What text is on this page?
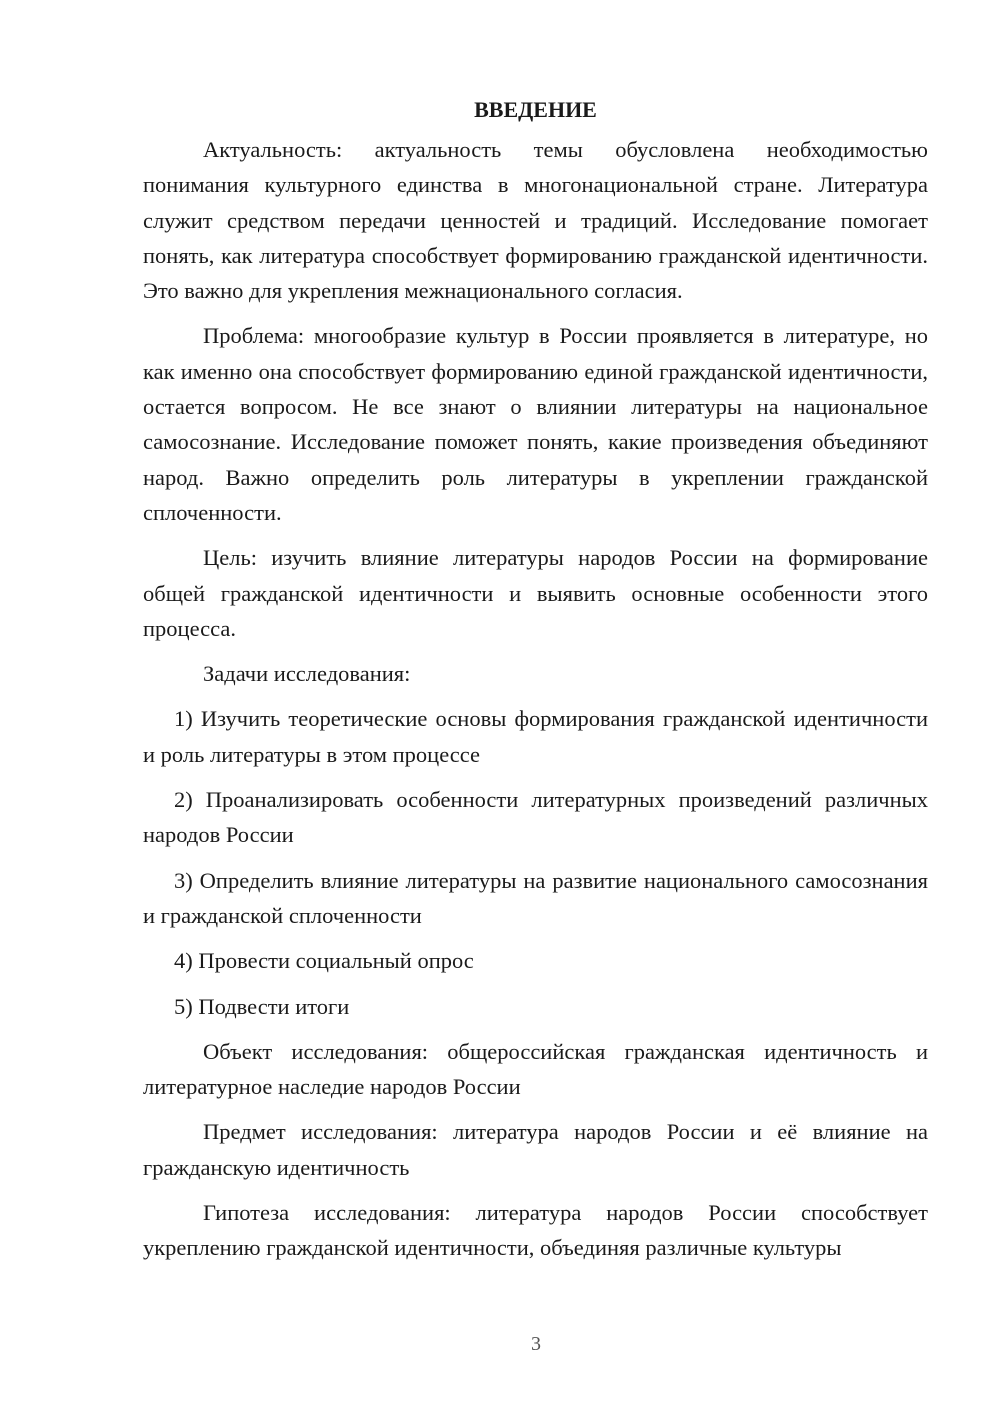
ВВЕДЕНИЕ

Актуальность: актуальность темы обусловлена необходимостью понимания культурного единства в многонациональной стране. Литература служит средством передачи ценностей и традиций. Исследование помогает понять, как литература способствует формированию гражданской идентичности. Это важно для укрепления межнационального согласия.

Проблема: многообразие культур в России проявляется в литературе, но как именно она способствует формированию единой гражданской идентичности, остается вопросом. Не все знают о влиянии литературы на национальное самосознание. Исследование поможет понять, какие произведения объединяют народ. Важно определить роль литературы в укреплении гражданской сплоченности.

Цель: изучить влияние литературы народов России на формирование общей гражданской идентичности и выявить основные особенности этого процесса.

Задачи исследования:

1) Изучить теоретические основы формирования гражданской идентичности и роль литературы в этом процессе

2) Проанализировать особенности литературных произведений различных народов России

3) Определить влияние литературы на развитие национального самосознания и гражданской сплоченности

4) Провести социальный опрос

5) Подвести итоги

Объект исследования: общероссийская гражданская идентичность и литературное наследие народов России

Предмет исследования: литература народов России и её влияние на гражданскую идентичность

Гипотеза исследования: литература народов России способствует укреплению гражданской идентичности, объединяя различные культуры

3
